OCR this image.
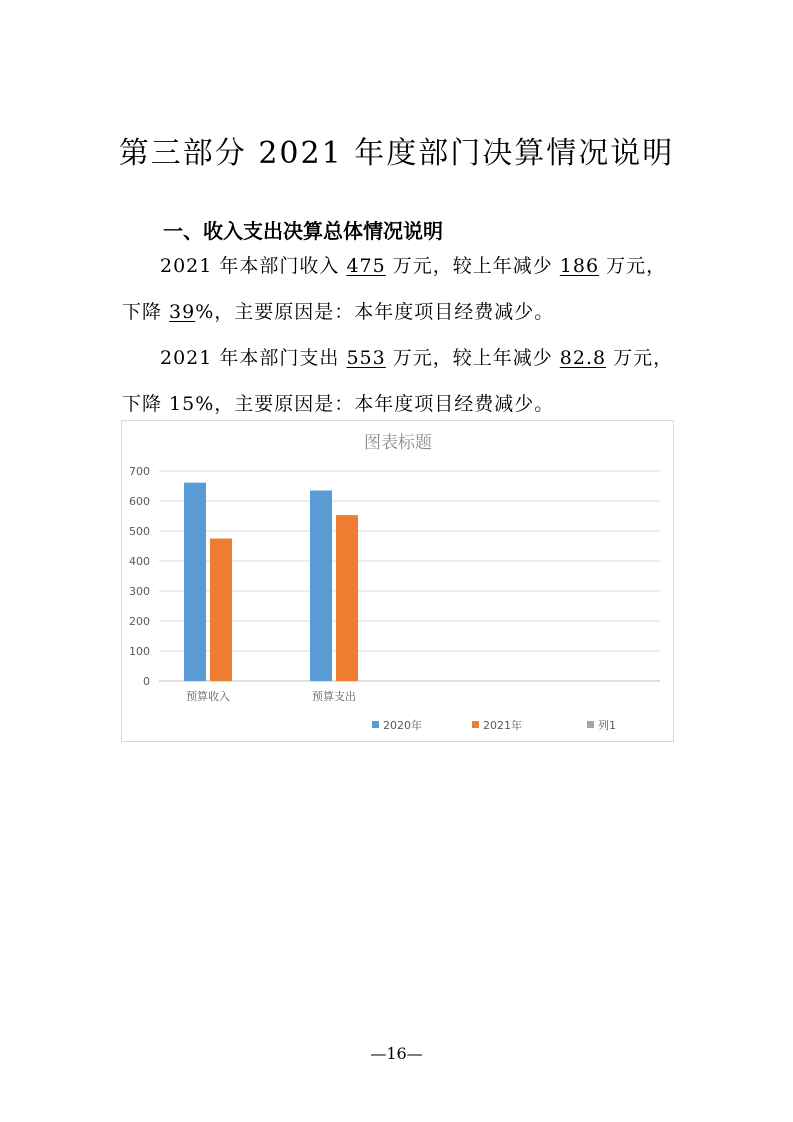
第三部分 2021 年度部门决算情况说明
一、收入支出决算总体情况说明
2021 年本部门收入 475 万元，较上年减少 186 万元，下降 39%，主要原因是：本年度项目经费减少。
2021 年本部门支出 553 万元，较上年减少 82.8 万元，下降 15%，主要原因是：本年度项目经费减少。
图表标题
0
100
200
300
400
500
600
700
预算收入	预算支出
2020年	2021年	列1
—16—
